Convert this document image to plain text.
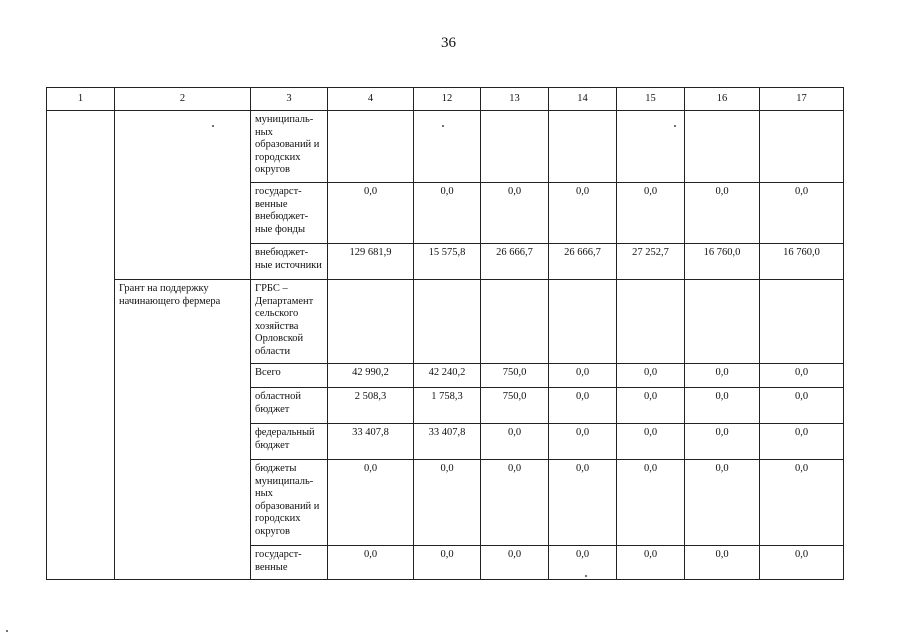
36
1	2	3	4	12	13	14	15	16	17
		муниципаль-ных образований и городских округов							
		государст-венные внебюджет-ные фонды	0,0	0,0	0,0	0,0	0,0	0,0	0,0
		внебюджет-ные источники	129 681,9	15 575,8	26 666,7	26 666,7	27 252,7	16 760,0	16 760,0
	Грант на поддержку начинающего фермера	ГРБС – Департамент сельского хозяйства Орловской области							
		Всего	42 990,2	42 240,2	750,0	0,0	0,0	0,0	0,0
		областной бюджет	2 508,3	1 758,3	750,0	0,0	0,0	0,0	0,0
		федеральный бюджет	33 407,8	33 407,8	0,0	0,0	0,0	0,0	0,0
		бюджеты муниципаль-ных образований и городских округов	0,0	0,0	0,0	0,0	0,0	0,0	0,0
		государст-венные	0,0	0,0	0,0	0,0	0,0	0,0	0,0
